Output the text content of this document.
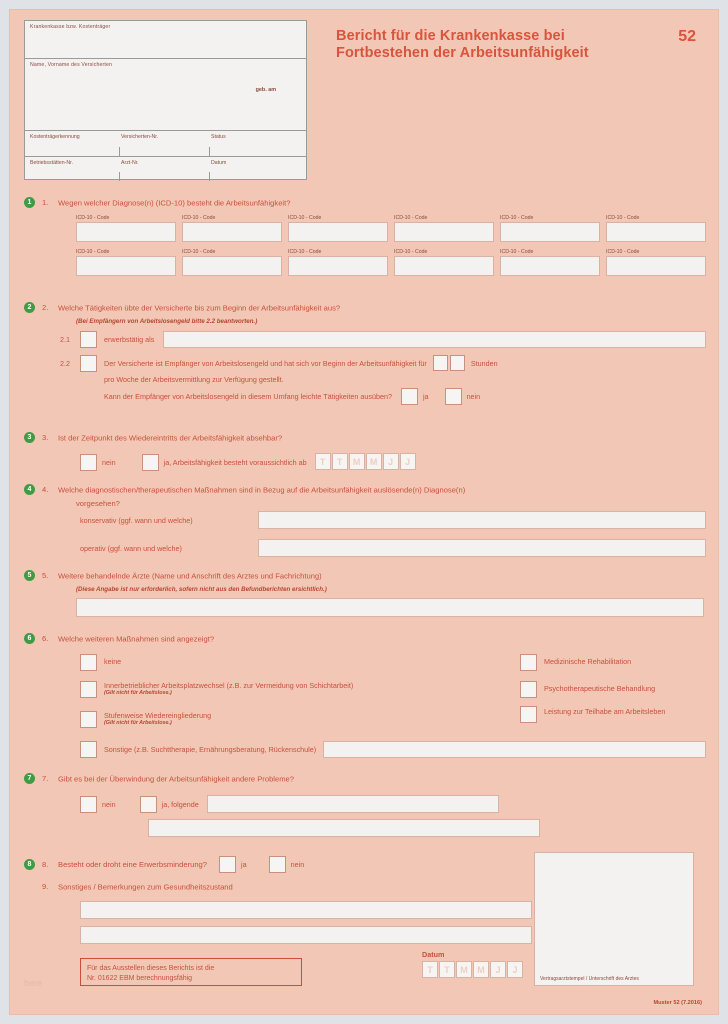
Krankenkasse bzw. Kostenträger
Name, Vorname des Versicherten
geb. am
Kostenträgerkennung	Versicherten-Nr.	Status
Betriebsstätten-Nr.	Arzt-Nr.	Datum
Bericht für die Krankenkasse bei
Fortbestehen der Arbeitsunfähigkeit
52
1 1. Wegen welcher Diagnose(n) (ICD-10) besteht die Arbeitsunfähigkeit?
ICD-10 - Code	ICD-10 - Code	ICD-10 - Code	ICD-10 - Code	ICD-10 - Code	ICD-10 - Code
ICD-10 - Code	ICD-10 - Code	ICD-10 - Code	ICD-10 - Code	ICD-10 - Code	ICD-10 - Code
2 2. Welche Tätigkeiten übte der Versicherte bis zum Beginn der Arbeitsunfähigkeit aus?
(Bei Empfängern von Arbeitslosengeld bitte 2.2 beantworten.)
2.1	erwerbstätig als
2.2	Der Versicherte ist Empfänger von Arbeitslosengeld und hat sich vor Beginn der Arbeitsunfähigkeit für	Stunden
pro Woche der Arbeitsvermittlung zur Verfügung gestellt.
Kann der Empfänger von Arbeitslosengeld in diesem Umfang leichte Tätigkeiten ausüben?	ja	nein
3 3. Ist der Zeitpunkt des Wiedereintritts der Arbeitsfähigkeit absehbar?
nein	ja, Arbeitsfähigkeit besteht voraussichtlich ab	T T M M J J
4 4. Welche diagnostischen/therapeutischen Maßnahmen sind in Bezug auf die Arbeitsunfähigkeit auslösende(n) Diagnose(n)
vorgesehen?
konservativ (ggf. wann und welche)
operativ (ggf. wann und welche)
5 5. Weitere behandelnde Ärzte (Name und Anschrift des Arztes und Fachrichtung)
(Diese Angabe ist nur erforderlich, sofern nicht aus den Befundberichten ersichtlich.)
6 6. Welche weiteren Maßnahmen sind angezeigt?
keine
Innerbetrieblicher Arbeitsplatzwechsel (z.B. zur Vermeidung von Schichtarbeit)
(Gilt nicht für Arbeitslose.)
Stufenweise Wiedereingliederung
(Gilt nicht für Arbeitslose.)
Medizinische Rehabilitation
Psychotherapeutische Behandlung
Leistung zur Teilhabe am Arbeitsleben
Sonstige (z.B. Suchttherapie, Ernährungsberatung, Rückenschule)
7 7. Gibt es bei der Überwindung der Arbeitsunfähigkeit andere Probleme?
nein	ja, folgende
8	8.	Besteht oder droht eine Erwerbsminderung?	ja	nein
9. Sonstiges / Bemerkungen zum Gesundheitszustand
Für das Ausstellen dieses Berichts ist die
Nr. 01622 EBM berechnungsfähig
Datum
T T M M J J
Vertragsarztstempel / Unterschrift des Arztes
Muster 52 (7.2016)
here
